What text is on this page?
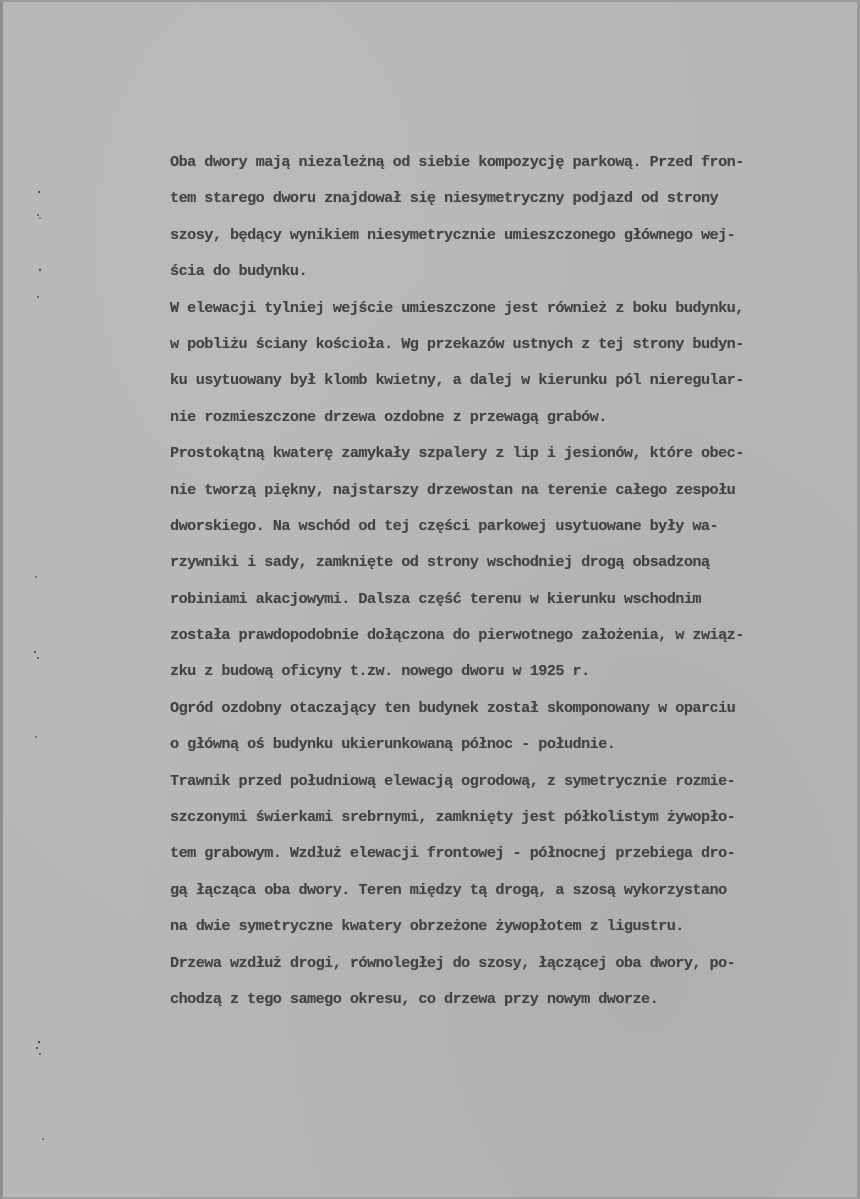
Oba dwory mają niezależną od siebie kompozycję parkową. Przed fron-
tem starego dworu znajdował się niesymetryczny podjazd od strony
szosy, będący wynikiem niesymetrycznie umieszczonego głównego wej-
ścia do budynku.
W elewacji tylniej wejście umieszczone jest również z boku budynku,
w pobliżu ściany kościoła. Wg przekazów ustnych z tej strony budyn-
ku usytuowany był klomb kwietny, a dalej w kierunku pól nieregular-
nie rozmieszczone drzewa ozdobne z przewagą grabów.
Prostokątną kwaterę zamykały szpalery z lip i jesionów, które obec-
nie tworzą piękny, najstarszy drzewostan na terenie całego zespołu
dworskiego. Na wschód od tej części parkowej usytuowane były wa-
rzywniki i sady, zamknięte od strony wschodniej drogą obsadzoną
robiniami akacjowymi. Dalsza część terenu w kierunku wschodnim
została prawdopodobnie dołączona do pierwotnego założenia, w związ-
zku z budową oficyny t.zw. nowego dworu w 1925 r.
Ogród ozdobny otaczający ten budynek został skomponowany w oparciu
o główną oś budynku ukierunkowaną północ - południe.
Trawnik przed południową elewacją ogrodową, z symetrycznie rozmie-
szczonymi świerkami srebrnymi, zamknięty jest półkolistym żywopło-
tem grabowym. Wzdłuż elewacji frontowej - północnej przebiega dro-
gą łącząca oba dwory. Teren między tą drogą, a szosą wykorzystano
na dwie symetryczne kwatery obrzeżone żywopłotem z ligustru.
Drzewa wzdłuż drogi, równoległej do szosy, łączącej oba dwory, po-
chodzą z tego samego okresu, co drzewa przy nowym dworze.
